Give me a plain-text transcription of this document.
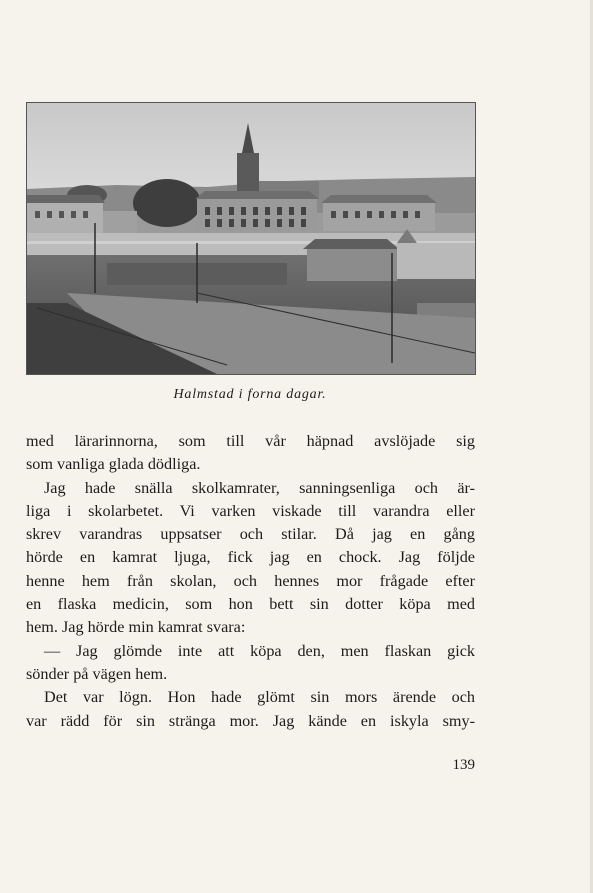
Halmstad i forna dagar.
med lärarinnorna, som till vår häpnad avslöjade sig
som vanliga glada dödliga.
Jag hade snälla skolkamrater, sanningsenliga och är-
liga i skolarbetet. Vi varken viskade till varandra eller
skrev varandras uppsatser och stilar. Då jag en gång
hörde en kamrat ljuga, fick jag en chock. Jag följde
henne hem från skolan, och hennes mor frågade efter
en flaska medicin, som hon bett sin dotter köpa med
hem. Jag hörde min kamrat svara:
— Jag glömde inte att köpa den, men flaskan gick
sönder på vägen hem.
Det var lögn. Hon hade glömt sin mors ärende och
var rädd för sin stränga mor. Jag kände en iskyla smy-
139
